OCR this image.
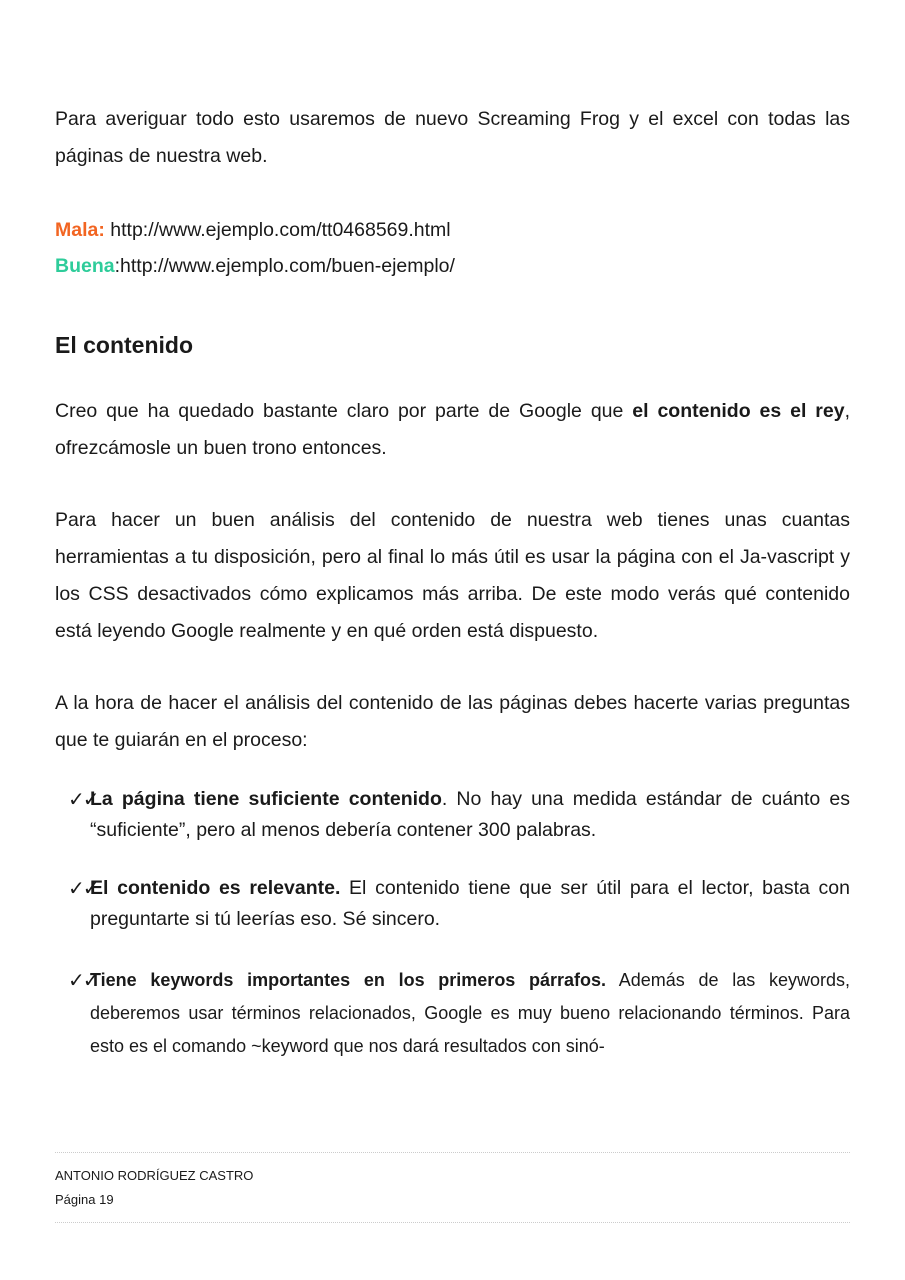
Para averiguar todo esto usaremos de nuevo Screaming Frog y el excel con todas las páginas de nuestra web.

Mala: http://www.ejemplo.com/tt0468569.html
Buena:http://www.ejemplo.com/buen-ejemplo/
El contenido

Creo que ha quedado bastante claro por parte de Google que el contenido es el rey, ofrezcámosle un buen trono entonces.

Para hacer un buen análisis del contenido de nuestra web tienes unas cuantas herramientas a tu disposición, pero al final lo más útil es usar la página con el Ja-vascript y los CSS desactivados cómo explicamos más arriba. De este modo verás qué contenido está leyendo Google realmente y en qué orden está dispuesto.

A la hora de hacer el análisis del contenido de las páginas debes hacerte varias preguntas que te guiarán en el proceso:

✓✓
La página tiene suficiente contenido. No hay una medida estándar de cuánto es “suficiente”, pero al menos debería contener 300 palabras.
✓✓
El contenido es relevante. El contenido tiene que ser útil para el lector, basta con preguntarte si tú leerías eso. Sé sincero.
✓✓
Tiene keywords importantes en los primeros párrafos. Además de las keywords, deberemos usar términos relacionados, Google es muy bueno relacionando términos. Para esto es el comando ~keyword que nos dará resultados con sinó-
ANTONIO RODRÍGUEZ CASTRO
Página 19
